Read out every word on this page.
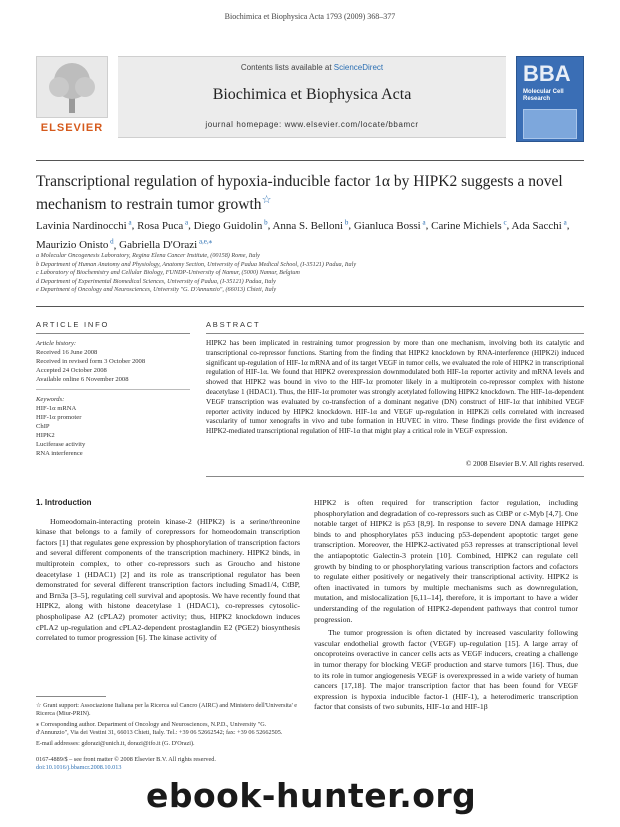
Biochimica et Biophysica Acta 1793 (2009) 368–377
ELSEVIER
Contents lists available at ScienceDirect
Biochimica et Biophysica Acta
journal homepage: www.elsevier.com/locate/bbamcr
BBA
Molecular Cell Research
Transcriptional regulation of hypoxia-inducible factor 1α by HIPK2 suggests a novel mechanism to restrain tumor growth☆
Lavinia Nardinocchi $^a$, Rosa Puca $^a$, Diego Guidolin $^b$, Anna S. Belloni $^b$, Gianluca Bossi $^a$, Carine Michiels $^c$, Ada Sacchi $^a$, Maurizio Onisto $^d$, Gabriella D'Orazi $^{a,e,⁎}$
a Molecular Oncogenesis Laboratory, Regina Elena Cancer Institute, (00158) Rome, Italy
b Department of Human Anatomy and Physiology, Anatomy Section, University of Padua Medical School, (I-35121) Padua, Italy
c Laboratory of Biochemistry and Cellular Biology, FUNDP-University of Namur, (5000) Namur, Belgium
d Department of Experimental Biomedical Sciences, University of Padua, (I-35121) Padua, Italy
e Department of Oncology and Neurosciences, University "G. D'Annunzio", (66013) Chieti, Italy
ARTICLE INFO	ABSTRACT
Article history:
Received 16 June 2008
Received in revised form 3 October 2008
Accepted 24 October 2008
Available online 6 November 2008
Keywords:
HIF-1α mRNA
HIF-1α promoter
ChIP
HIPK2
Luciferase activity
RNA interference
HIPK2 has been implicated in restraining tumor progression by more than one mechanism, involving both its catalytic and transcriptional co-repressor functions. Starting from the finding that HIPK2 knockdown by RNA-interference (HIPK2i) induced significant up-regulation of HIF-1α mRNA and of its target VEGF in tumor cells, we evaluated the role of HIPK2 in transcriptional regulation of HIF-1α. We found that HIPK2 overexpression downmodulated both HIF-1α reporter activity and mRNA levels and showed that HIPK2 was bound in vivo to the HIF-1α promoter likely in a multiprotein co-repressor complex with histone deacetylase 1 (HDAC1). Thus, the HIF-1α promoter was strongly acetylated following HIPK2 knockdown. The HIF-1α-dependent VEGF transcription was evaluated by co-transfection of a dominant negative (DN) construct of HIF-1α that inhibited VEGF reporter activity induced by HIPK2 knockdown. HIF-1α and VEGF up-regulation in HIPK2i cells correlated with increased vascularity of tumor xenografts in vivo and tube formation in HUVEC in vitro. These findings provide the first evidence of HIPK2-mediated transcriptional regulation of HIF-1α that might play a critical role in VEGF expression.
© 2008 Elsevier B.V. All rights reserved.
1. Introduction

Homeodomain-interacting protein kinase-2 (HIPK2) is a serine/threonine kinase that belongs to a family of corepressors for homeodomain transcription factors [1] that regulates gene expression by phosphorylation of transcription factors and several different components of the transcription machinery. HIPK2 binds, in multiprotein complex, to other co-repressors such as Groucho and histone deacetylase 1 (HDAC1) [2] and its role as transcriptional regulator has been demonstrated for several different transcription factors including Smad1/4, CtBP, and Brn3a [3–5], regulating cell survival and apoptosis. We have recently found that HIPK2, along with histone deacetylase 1 (HDAC1), co-represses cytosolic-phospholipase A2 (cPLA2) promoter activity; thus, HIPK2 knockdown induces cPLA2 up-regulation and cPLA2-dependent prostaglandin E2 (PGE2) biosynthesis correlated to tumor progression [6]. The kinase activity of

HIPK2 is often required for transcription factor regulation, including phosphorylation and degradation of co-repressors such as CtBP or c-Myb [4,7]. One notable target of HIPK2 is p53 [8,9]. In response to severe DNA damage HIPK2 binds to and phosphorylates p53 inducing p53-dependent apoptotic target gene transcription. Moreover, the HIPK2-activated p53 represses at transcriptional level the antiapoptotic Galectin-3 protein [10]. Combined, HIPK2 can regulate cell growth by binding to or phosphorylating various transcription factors and cofactors to regulate either positively or negatively their transcriptional activity. HIPK2 is often inactivated in tumors by multiple mechanisms such as downregulation, mutation, and mislocalization [6,11–14], therefore, it is important to have a wider understanding of the regulation of HIPK2-dependent pathways that control tumor progression.

The tumor progression is often dictated by increased vascularity following vascular endothelial growth factor (VEGF) up-regulation [15]. A large array of oncoproteins overactive in cancer cells acts as VEGF inducers, creating a challenge in tumor therapy for blocking VEGF production and starve tumors [16]. Thus, due to its role in tumor angiogenesis VEGF is overexpressed in a wide variety of human cancers [17,18]. The major transcription factor that has been found for VEGF expression is hypoxia inducible factor-1 (HIF-1), a heterodimeric transcription factor that consists of two subunits, HIF-1α and HIF-1β

☆ Grant support: Associazione Italiana per la Ricerca sul Cancro (AIRC) and Ministero dell'Universita' e Ricerca (Miur-PRIN).

⁎ Corresponding author. Department of Oncology and Neurosciences, N.P.D., University "G. d'Annunzio", Via dei Vestini 31, 66013 Chieti, Italy. Tel.: +39 06 52662542; fax: +39 06 52662505.

E-mail addresses: gdorazi@unich.it, dorazi@ifo.it (G. D'Orazi).

0167-4889/$ – see front matter © 2008 Elsevier B.V. All rights reserved.
doi:10.1016/j.bbamcr.2008.10.013
ebook-hunter.org
